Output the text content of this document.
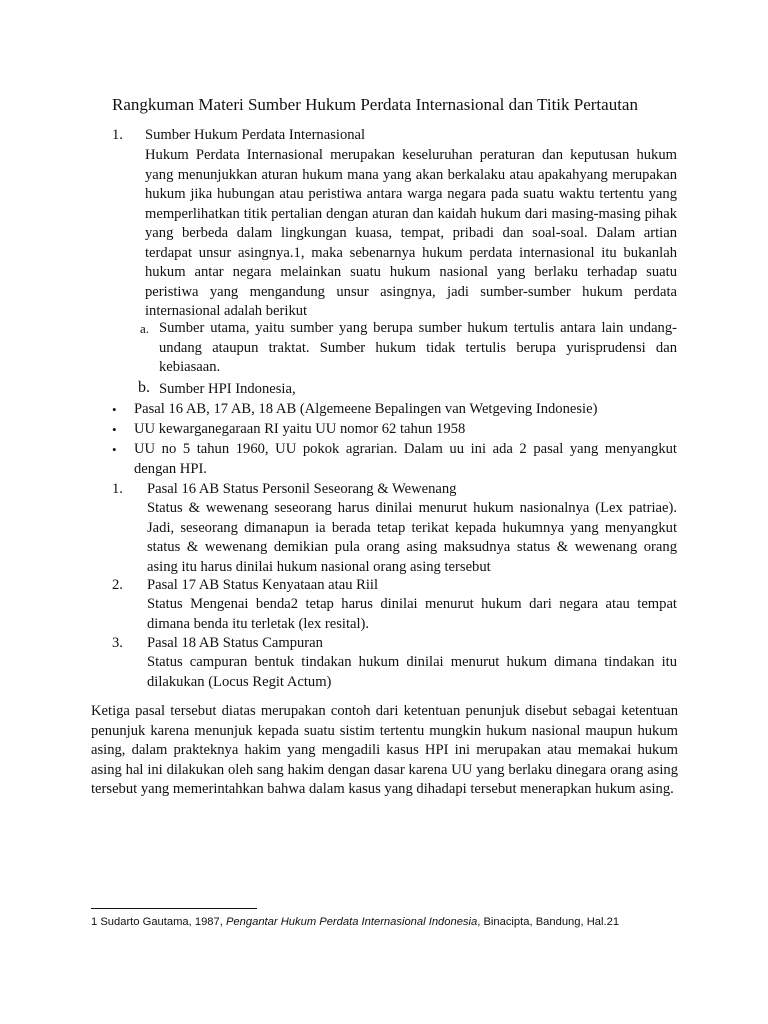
Rangkuman Materi Sumber Hukum Perdata Internasional dan Titik Pertautan
1. Sumber Hukum Perdata Internasional
Hukum Perdata Internasional merupakan keseluruhan peraturan dan keputusan hukum yang menunjukkan aturan hukum mana yang akan berkalaku atau apakahyang merupakan hukum jika hubungan atau peristiwa antara warga negara pada suatu waktu tertentu yang memperlihatkan titik pertalian dengan aturan dan kaidah hukum dari masing-masing pihak yang berbeda dalam lingkungan kuasa, tempat, pribadi dan soal-soal. Dalam artian terdapat unsur asingnya.1, maka sebenarnya hukum perdata internasional itu bukanlah hukum antar negara melainkan suatu hukum nasional yang berlaku terhadap suatu peristiwa yang mengandung unsur asingnya, jadi sumber-sumber hukum perdata internasional adalah berikut
a. Sumber utama, yaitu sumber yang berupa sumber hukum tertulis antara lain undang-undang ataupun traktat. Sumber hukum tidak tertulis berupa yurisprudensi dan kebiasaan.
b. Sumber HPI Indonesia,
• Pasal 16 AB, 17 AB, 18 AB (Algemeene Bepalingen van Wetgeving Indonesie)
• UU kewarganegaraan RI yaitu UU nomor 62 tahun 1958
• UU no 5 tahun 1960, UU pokok agrarian. Dalam uu ini ada 2 pasal yang menyangkut dengan HPI.
1. Pasal 16 AB Status Personil Seseorang & Wewenang
Status & wewenang seseorang harus dinilai menurut hukum nasionalnya (Lex patriae). Jadi, seseorang dimanapun ia berada tetap terikat kepada hukumnya yang menyangkut status & wewenang demikian pula orang asing maksudnya status & wewenang orang asing itu harus dinilai hukum nasional orang asing tersebut
2. Pasal 17 AB Status Kenyataan atau Riil
Status Mengenai benda2 tetap harus dinilai menurut hukum dari negara atau tempat dimana benda itu terletak (lex resital).
3. Pasal 18 AB Status Campuran
Status campuran bentuk tindakan hukum dinilai menurut hukum dimana tindakan itu dilakukan (Locus Regit Actum)
Ketiga pasal tersebut diatas merupakan contoh dari ketentuan penunjuk disebut sebagai ketentuan penunjuk karena menunjuk kepada suatu sistim tertentu mungkin hukum nasional maupun hukum asing, dalam prakteknya hakim yang mengadili kasus HPI ini merupakan atau memakai hukum asing hal ini dilakukan oleh sang hakim dengan dasar karena UU yang berlaku dinegara orang asing tersebut yang memerintahkan bahwa dalam kasus yang dihadapi tersebut menerapkan hukum asing.
1 Sudarto Gautama, 1987, Pengantar Hukum Perdata Internasional Indonesia, Binacipta, Bandung, Hal.21
